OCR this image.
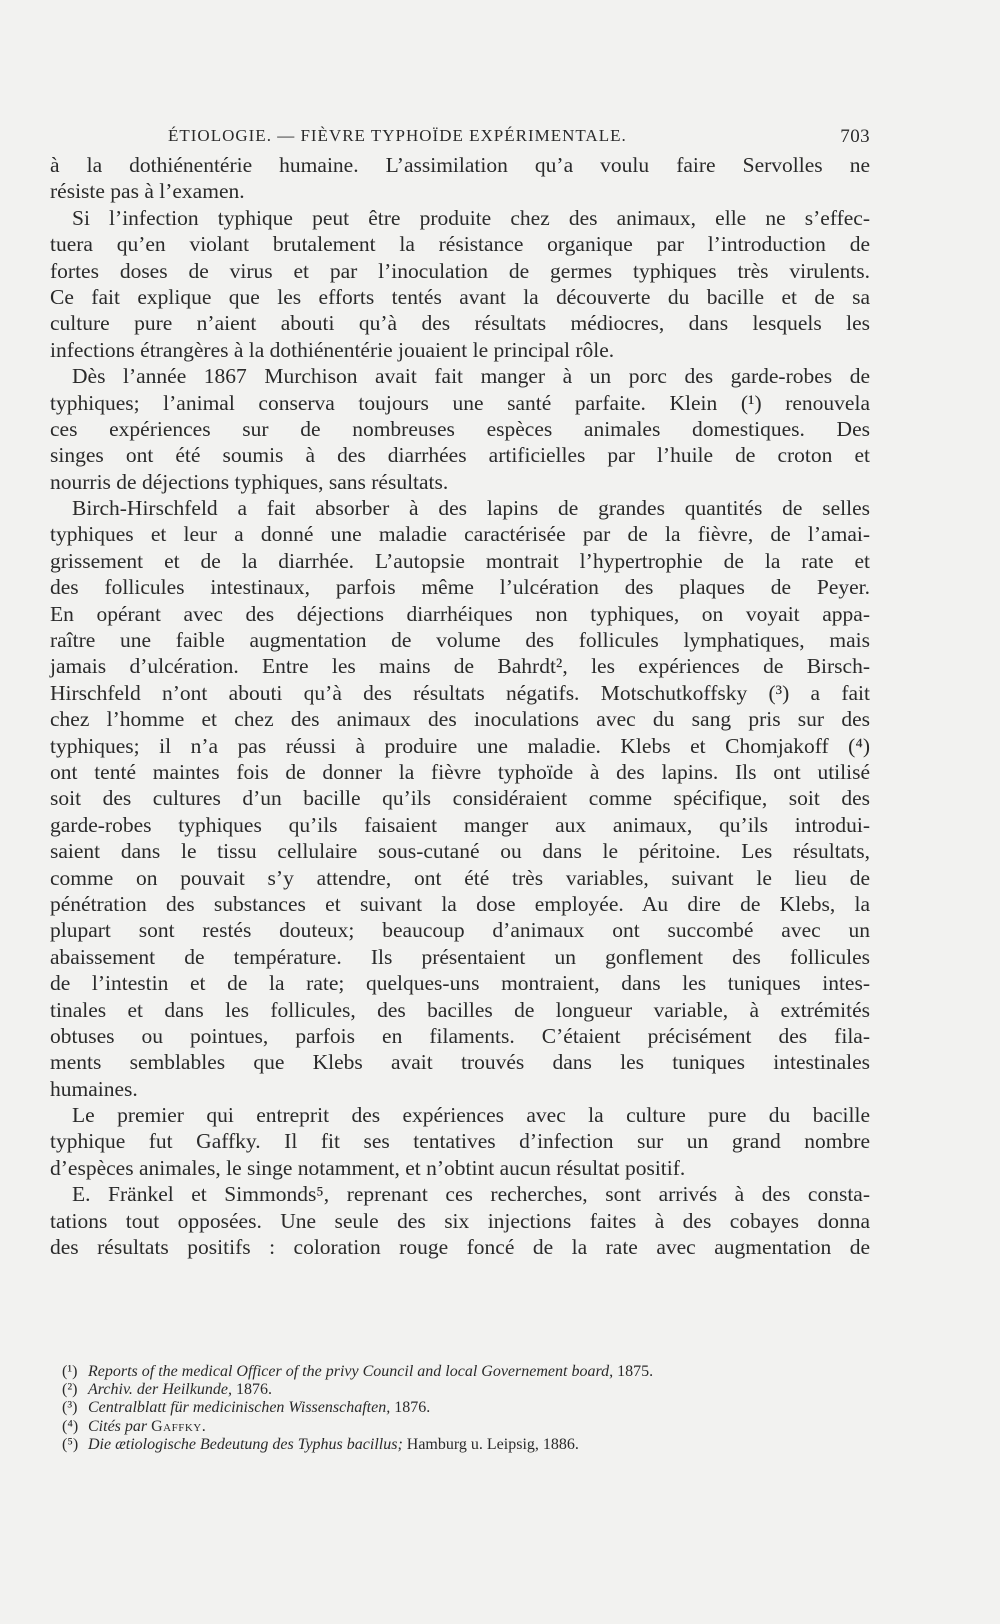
ÉTIOLOGIE. — FIÈVRE TYPHOÏDE EXPÉRIMENTALE.	703
à la dothiénentérie humaine. L’assimilation qu’a voulu faire Servolles ne
résiste pas à l’examen.
Si l’infection typhique peut être produite chez des animaux, elle ne s’effec-
tuera qu’en violant brutalement la résistance organique par l’introduction de
fortes doses de virus et par l’inoculation de germes typhiques très virulents.
Ce fait explique que les efforts tentés avant la découverte du bacille et de sa
culture pure n’aient abouti qu’à des résultats médiocres, dans lesquels les
infections étrangères à la dothiénentérie jouaient le principal rôle.
Dès l’année 1867 Murchison avait fait manger à un porc des garde-robes de
typhiques; l’animal conserva toujours une santé parfaite. Klein (¹) renouvela
ces expériences sur de nombreuses espèces animales domestiques. Des
singes ont été soumis à des diarrhées artificielles par l’huile de croton et
nourris de déjections typhiques, sans résultats.
Birch-Hirschfeld a fait absorber à des lapins de grandes quantités de selles
typhiques et leur a donné une maladie caractérisée par de la fièvre, de l’amai-
grissement et de la diarrhée. L’autopsie montrait l’hypertrophie de la rate et
des follicules intestinaux, parfois même l’ulcération des plaques de Peyer.
En opérant avec des déjections diarrhéiques non typhiques, on voyait appa-
raître une faible augmentation de volume des follicules lymphatiques, mais
jamais d’ulcération. Entre les mains de Bahrdt², les expériences de Birsch-
Hirschfeld n’ont abouti qu’à des résultats négatifs. Motschutkoffsky (³) a fait
chez l’homme et chez des animaux des inoculations avec du sang pris sur des
typhiques; il n’a pas réussi à produire une maladie. Klebs et Chomjakoff (⁴)
ont tenté maintes fois de donner la fièvre typhoïde à des lapins. Ils ont utilisé
soit des cultures d’un bacille qu’ils considéraient comme spécifique, soit des
garde-robes typhiques qu’ils faisaient manger aux animaux, qu’ils introdui-
saient dans le tissu cellulaire sous-cutané ou dans le péritoine. Les résultats,
comme on pouvait s’y attendre, ont été très variables, suivant le lieu de
pénétration des substances et suivant la dose employée. Au dire de Klebs, la
plupart sont restés douteux; beaucoup d’animaux ont succombé avec un
abaissement de température. Ils présentaient un gonflement des follicules
de l’intestin et de la rate; quelques-uns montraient, dans les tuniques intes-
tinales et dans les follicules, des bacilles de longueur variable, à extrémités
obtuses ou pointues, parfois en filaments. C’étaient précisément des fila-
ments semblables que Klebs avait trouvés dans les tuniques intestinales
humaines.
Le premier qui entreprit des expériences avec la culture pure du bacille
typhique fut Gaffky. Il fit ses tentatives d’infection sur un grand nombre
d’espèces animales, le singe notamment, et n’obtint aucun résultat positif.
E. Fränkel et Simmonds⁵, reprenant ces recherches, sont arrivés à des consta-
tations tout opposées. Une seule des six injections faites à des cobayes donna
des résultats positifs : coloration rouge foncé de la rate avec augmentation de
(¹) Reports of the medical Officer of the privy Council and local Governement board, 1875.
(²) Archiv. der Heilkunde, 1876.
(³) Centralblatt für medicinischen Wissenschaften, 1876.
(⁴) Cités par Gaffky.
(⁵) Die ætiologische Bedeutung des Typhus bacillus; Hamburg u. Leipsig, 1886.
